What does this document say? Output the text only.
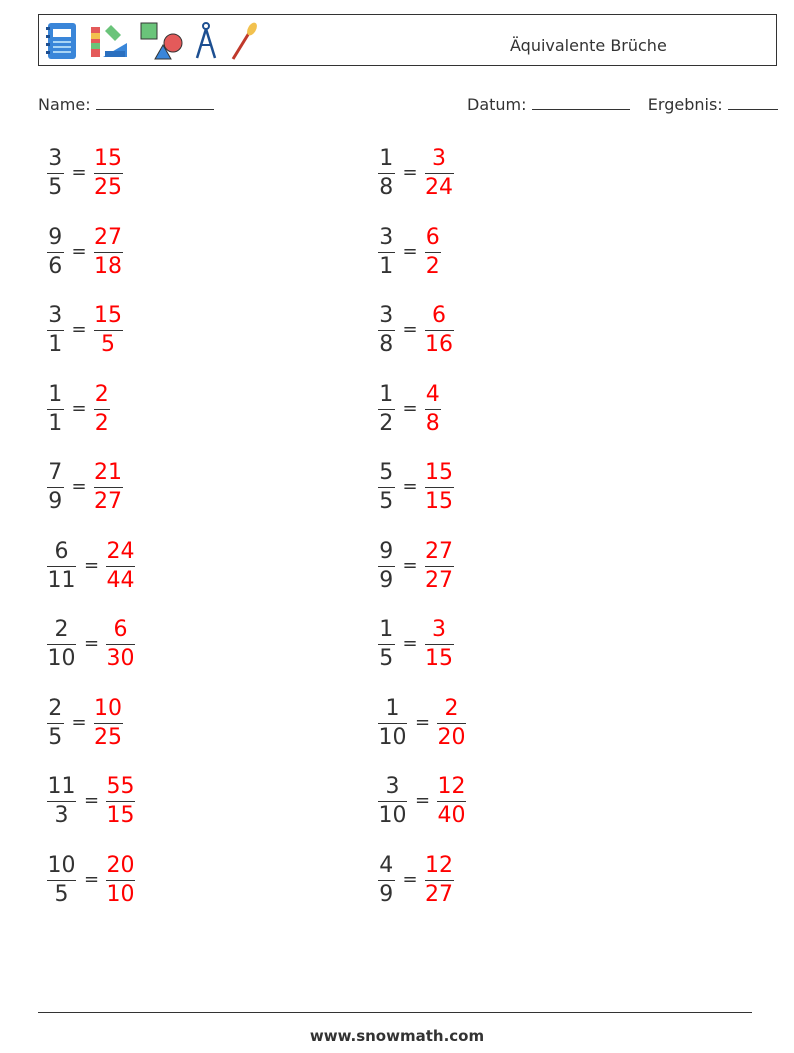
Äquivalente Brüche
Name:	Datum:	Ergebnis:
3
5
=
15
25
9
6
=
27
18
3
1
=
15
5
1
1
=
2
2
7
9
=
21
27
6
11
=
24
44
2
10
=
6
30
2
5
=
10
25
11
3
=
55
15
10
5
=
20
10
1
8
=
3
24
3
1
=
6
2
3
8
=
6
16
1
2
=
4
8
5
5
=
15
15
9
9
=
27
27
1
5
=
3
15
1
10
=
2
20
3
10
=
12
40
4
9
=
12
27
www.snowmath.com
